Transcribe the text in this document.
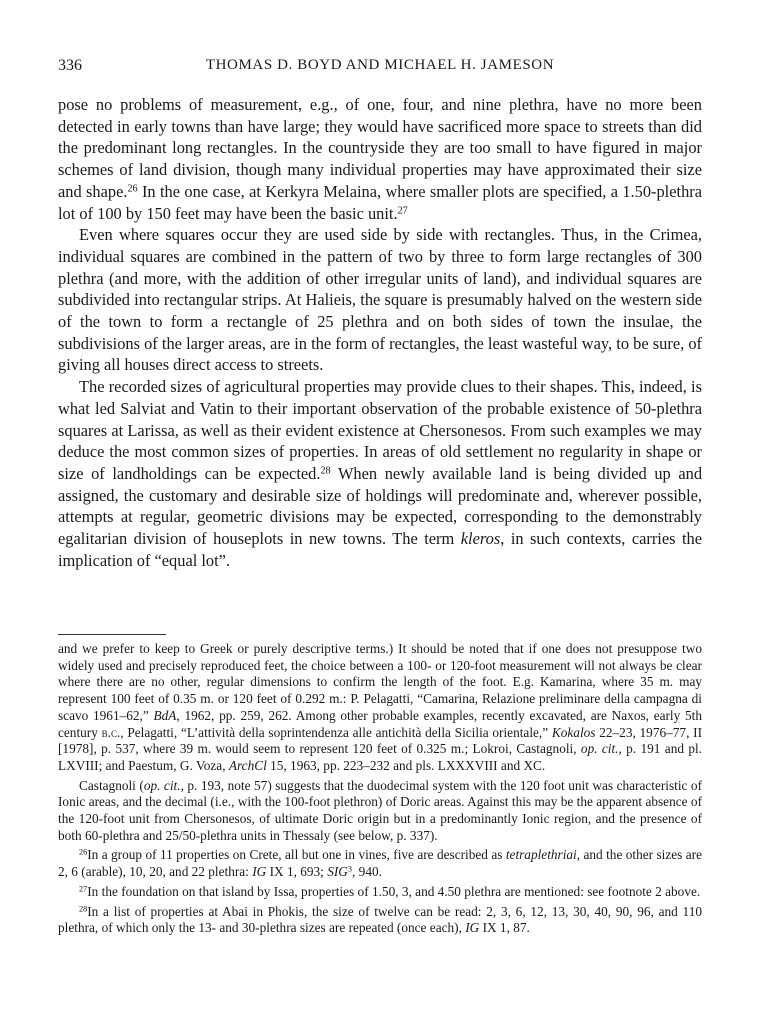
336	THOMAS D. BOYD AND MICHAEL H. JAMESON

pose no problems of measurement, e.g., of one, four, and nine plethra, have no more been detected in early towns than have large; they would have sacrificed more space to streets than did the predominant long rectangles. In the countryside they are too small to have figured in major schemes of land division, though many individual properties may have approximated their size and shape.$^{26}$ In the one case, at Kerkyra Melaina, where smaller plots are specified, a 1.50-plethra lot of 100 by 150 feet may have been the basic unit.$^{27}$

Even where squares occur they are used side by side with rectangles. Thus, in the Crimea, individual squares are combined in the pattern of two by three to form large rectangles of 300 plethra (and more, with the addition of other irregular units of land), and individual squares are subdivided into rectangular strips. At Halieis, the square is presumably halved on the western side of the town to form a rectangle of 25 plethra and on both sides of town the insulae, the subdivisions of the larger areas, are in the form of rectangles, the least wasteful way, to be sure, of giving all houses direct access to streets.

The recorded sizes of agricultural properties may provide clues to their shapes. This, indeed, is what led Salviat and Vatin to their important observation of the probable existence of 50-plethra squares at Larissa, as well as their evident existence at Chersonesos. From such examples we may deduce the most common sizes of properties. In areas of old settlement no regularity in shape or size of landholdings can be expected.$^{28}$ When newly available land is being divided up and assigned, the customary and desirable size of holdings will predominate and, wherever possible, attempts at regular, geometric divisions may be expected, corresponding to the demonstrably egalitarian division of houseplots in new towns. The term kleros, in such contexts, carries the implication of “equal lot”.

and we prefer to keep to Greek or purely descriptive terms.) It should be noted that if one does not presuppose two widely used and precisely reproduced feet, the choice between a 100- or 120-foot measurement will not always be clear where there are no other, regular dimensions to confirm the length of the foot. E.g. Kamarina, where 35 m. may represent 100 feet of 0.35 m. or 120 feet of 0.292 m.: P. Pelagatti, “Camarina, Relazione preliminare della campagna di scavo 1961–62,” BdA, 1962, pp. 259, 262. Among other probable examples, recently excavated, are Naxos, early 5th century b.c., Pelagatti, “L’attività della soprintendenza alle antichità della Sicilia orientale,” Kokalos 22–23, 1976–77, II [1978], p. 537, where 39 m. would seem to represent 120 feet of 0.325 m.; Lokroi, Castagnoli, op. cit., p. 191 and pl. LXVIII; and Paestum, G. Voza, ArchCl 15, 1963, pp. 223–232 and pls. LXXXVIII and XC.

Castagnoli (op. cit., p. 193, note 57) suggests that the duodecimal system with the 120 foot unit was characteristic of Ionic areas, and the decimal (i.e., with the 100-foot plethron) of Doric areas. Against this may be the apparent absence of the 120-foot unit from Chersonesos, of ultimate Doric origin but in a predominantly Ionic region, and the presence of both 60-plethra and 25/50-plethra units in Thessaly (see below, p. 337).

$^{26}$In a group of 11 properties on Crete, all but one in vines, five are described as tetraplethriai, and the other sizes are 2, 6 (arable), 10, 20, and 22 plethra: IG IX 1, 693; SIG$^3$, 940.

$^{27}$In the foundation on that island by Issa, properties of 1.50, 3, and 4.50 plethra are mentioned: see footnote 2 above.

$^{28}$In a list of properties at Abai in Phokis, the size of twelve can be read: 2, 3, 6, 12, 13, 30, 40, 90, 96, and 110 plethra, of which only the 13- and 30-plethra sizes are repeated (once each), IG IX 1, 87.
